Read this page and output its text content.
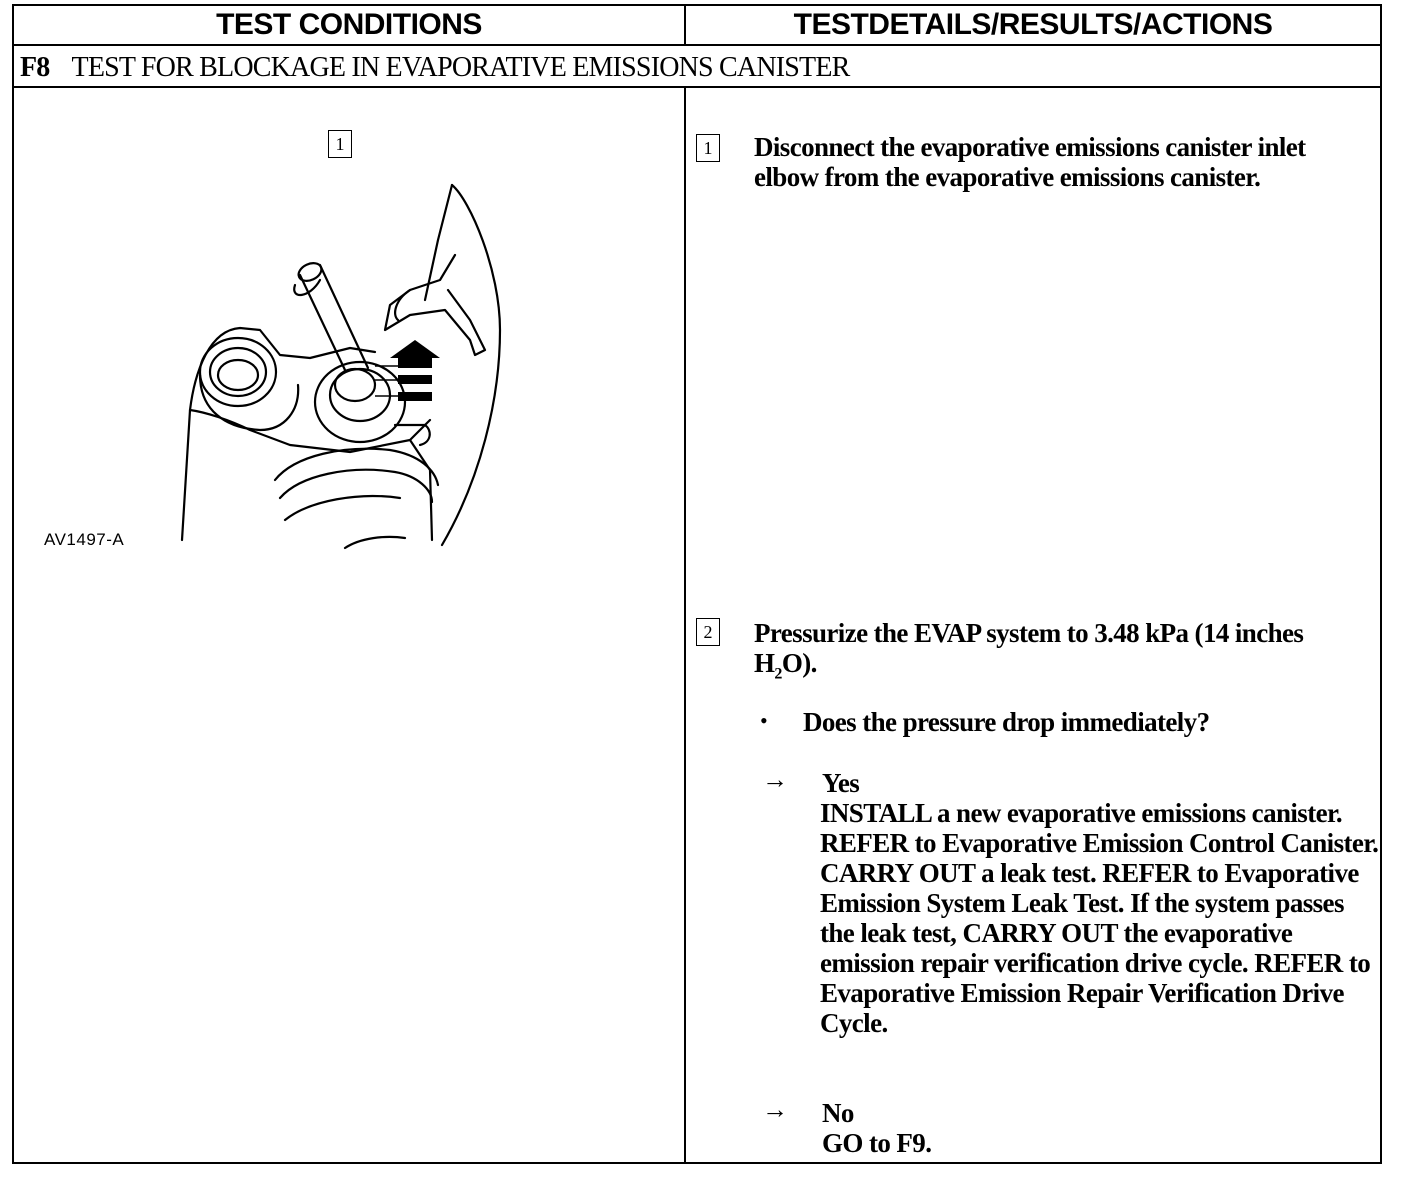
TEST CONDITIONS	TESTDETAILS/RESULTS/ACTIONS
F8 TEST FOR BLOCKAGE IN EVAPORATIVE EMISSIONS CANISTER
1
AV1497-A
1 Disconnect the evaporative emissions canister inlet elbow from the evaporative emissions canister.
2 Pressurize the EVAP system to 3.48 kPa (14 inches
$H_2O$).
• Does the pressure drop immediately?
→ Yes
INSTALL a new evaporative emissions canister. REFER to Evaporative Emission Control Canister. CARRY OUT a leak test. REFER to Evaporative Emission System Leak Test. If the system passes the leak test, CARRY OUT the evaporative emission repair verification drive cycle. REFER to Evaporative Emission Repair Verification Drive Cycle.
→ No
GO to F9.
